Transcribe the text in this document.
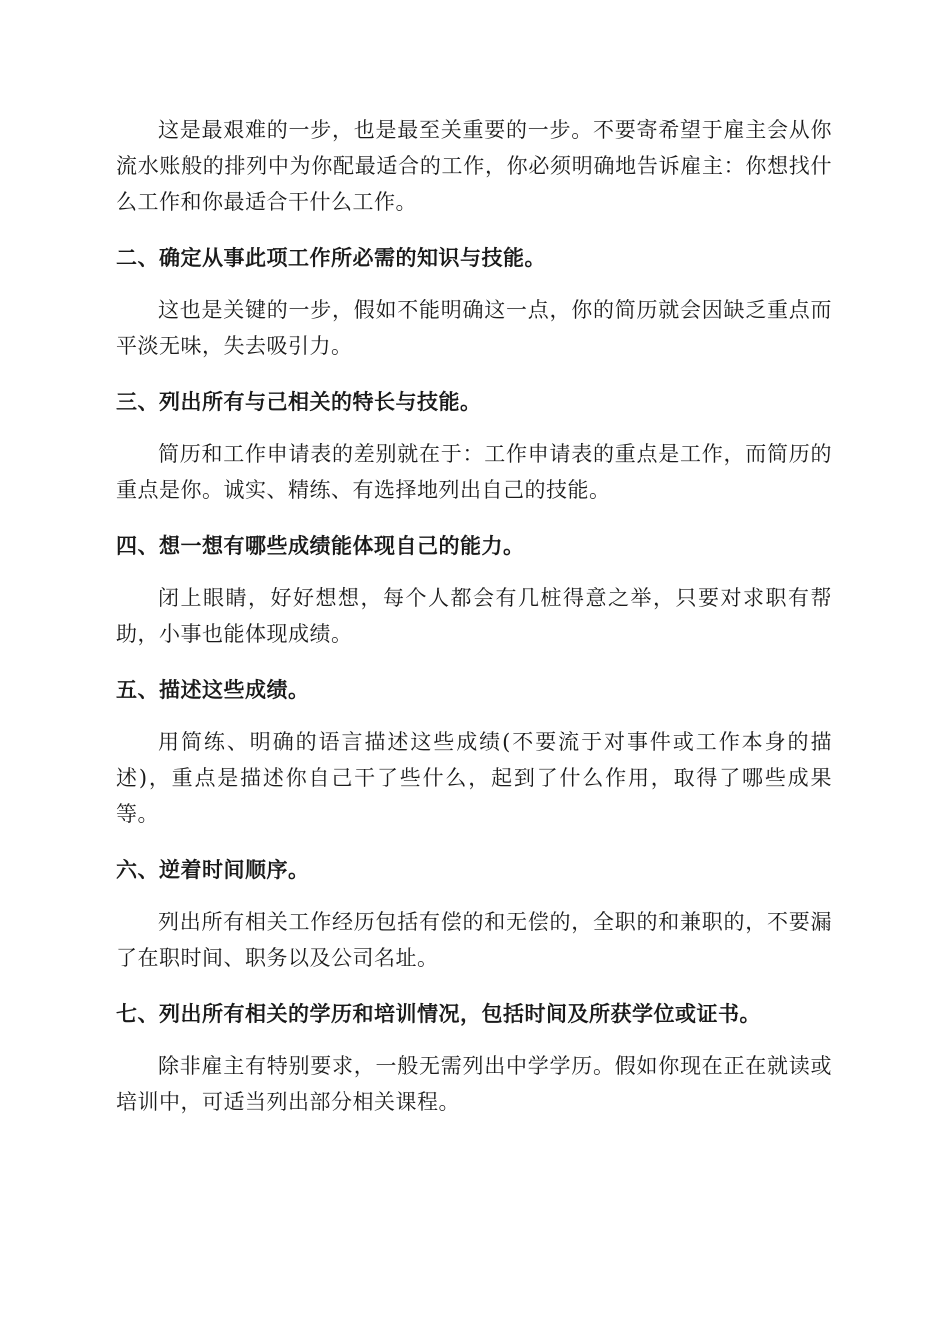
这是最艰难的一步，也是最至关重要的一步。不要寄希望于雇主会从你流水账般的排列中为你配最适合的工作，你必须明确地告诉雇主：你想找什么工作和你最适合干什么工作。

二、确定从事此项工作所必需的知识与技能。

这也是关键的一步，假如不能明确这一点，你的简历就会因缺乏重点而平淡无味，失去吸引力。

三、列出所有与己相关的特长与技能。

简历和工作申请表的差别就在于：工作申请表的重点是工作，而简历的重点是你。诚实、精练、有选择地列出自己的技能。

四、想一想有哪些成绩能体现自己的能力。

闭上眼睛，好好想想，每个人都会有几桩得意之举，只要对求职有帮助，小事也能体现成绩。

五、描述这些成绩。

用简练、明确的语言描述这些成绩(不要流于对事件或工作本身的描述)，重点是描述你自己干了些什么，起到了什么作用，取得了哪些成果等。

六、逆着时间顺序。

列出所有相关工作经历包括有偿的和无偿的，全职的和兼职的，不要漏了在职时间、职务以及公司名址。

七、列出所有相关的学历和培训情况，包括时间及所获学位或证书。

除非雇主有特别要求，一般无需列出中学学历。假如你现在正在就读或培训中，可适当列出部分相关课程。
